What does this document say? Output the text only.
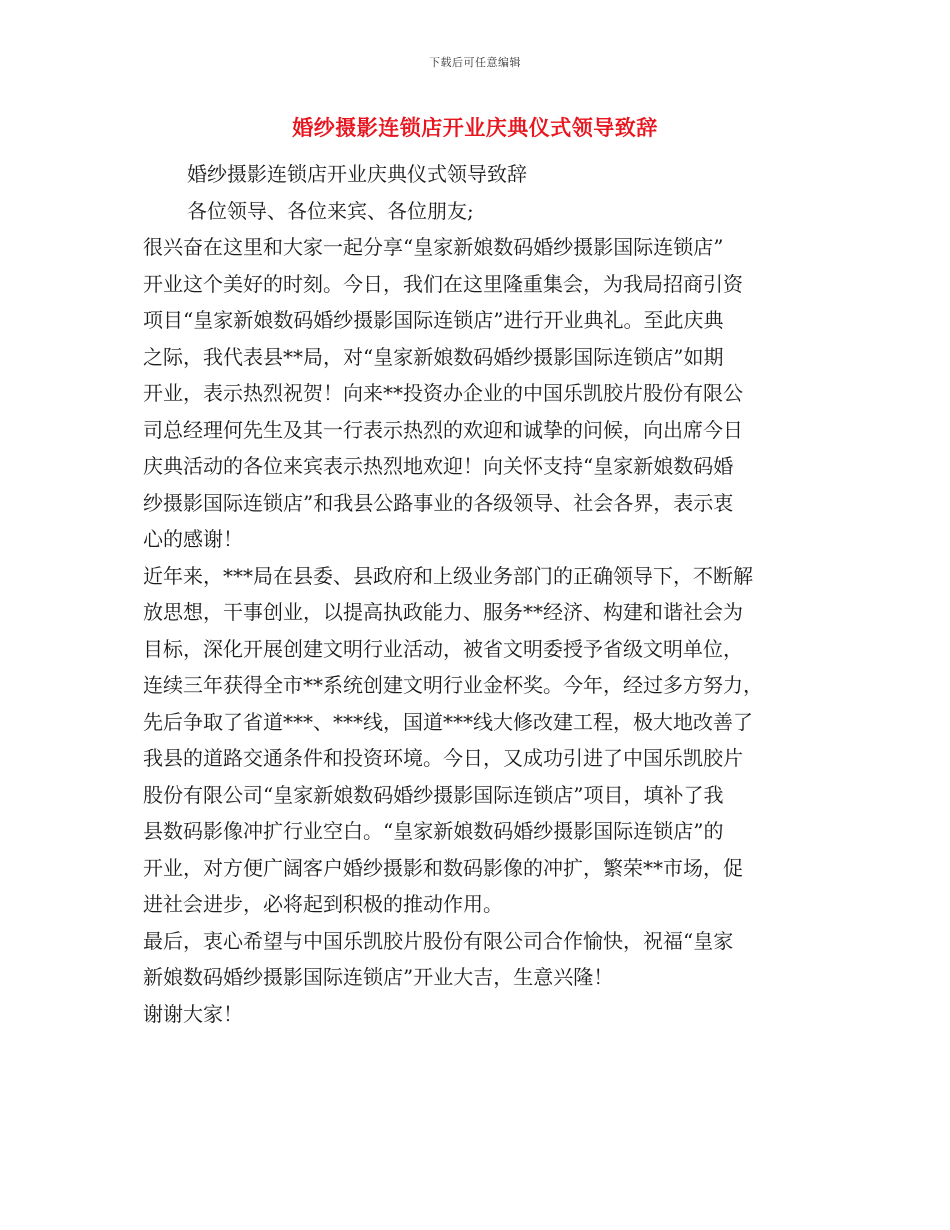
下载后可任意编辑
婚纱摄影连锁店开业庆典仪式领导致辞
婚纱摄影连锁店开业庆典仪式领导致辞
各位领导、各位来宾、各位朋友;
很兴奋在这里和大家一起分享“皇家新娘数码婚纱摄影国际连锁店”
开业这个美好的时刻。今日，我们在这里隆重集会，为我局招商引资
项目“皇家新娘数码婚纱摄影国际连锁店”进行开业典礼。至此庆典
之际，我代表县**局，对“皇家新娘数码婚纱摄影国际连锁店”如期
开业，表示热烈祝贺！向来**投资办企业的中国乐凯胶片股份有限公
司总经理何先生及其一行表示热烈的欢迎和诚挚的问候，向出席今日
庆典活动的各位来宾表示热烈地欢迎！向关怀支持“皇家新娘数码婚
纱摄影国际连锁店”和我县公路事业的各级领导、社会各界，表示衷
心的感谢！
近年来，***局在县委、县政府和上级业务部门的正确领导下，不断解
放思想，干事创业，以提高执政能力、服务**经济、构建和谐社会为
目标，深化开展创建文明行业活动，被省文明委授予省级文明单位，
连续三年获得全市**系统创建文明行业金杯奖。今年，经过多方努力，
先后争取了省道***、***线，国道***线大修改建工程，极大地改善了
我县的道路交通条件和投资环境。今日，又成功引进了中国乐凯胶片
股份有限公司“皇家新娘数码婚纱摄影国际连锁店”项目，填补了我
县数码影像冲扩行业空白。“皇家新娘数码婚纱摄影国际连锁店”的
开业，对方便广阔客户婚纱摄影和数码影像的冲扩，繁荣**市场，促
进社会进步，必将起到积极的推动作用。
最后，衷心希望与中国乐凯胶片股份有限公司合作愉快，祝福“皇家
新娘数码婚纱摄影国际连锁店”开业大吉，生意兴隆！
谢谢大家！
